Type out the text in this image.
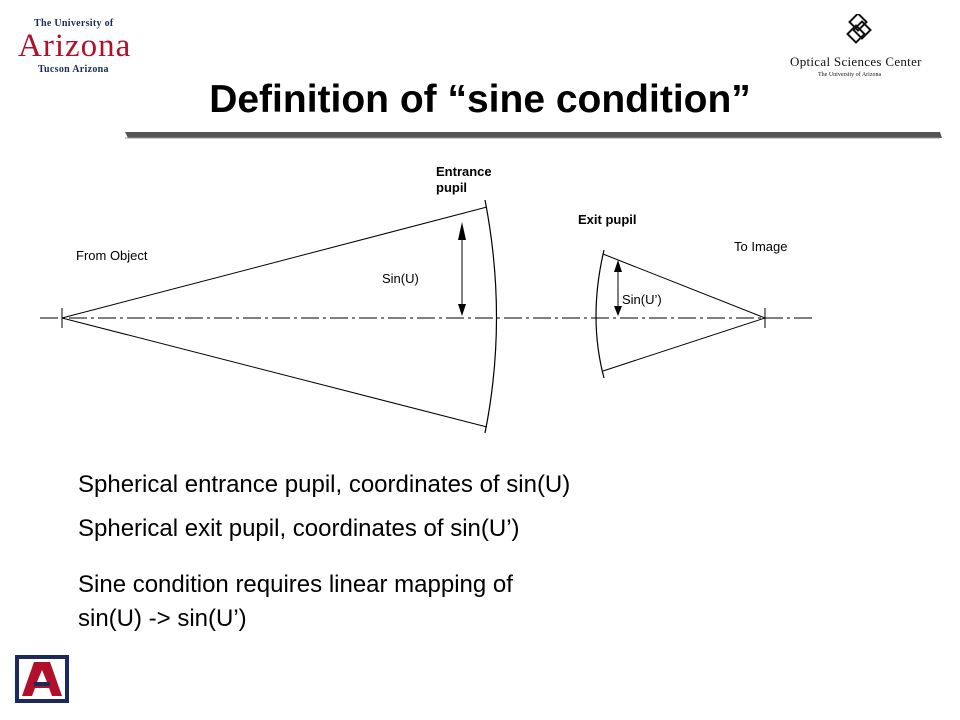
The University of
Arizona
Tucson Arizona
Optical Sciences Center
The University of Arizona
Definition of “sine condition”
Entrance
pupil
Exit pupil
From Object
To Image
Sin(U)
Sin(U’)
Spherical entrance pupil, coordinates of sin(U)
Spherical exit pupil, coordinates of sin(U’)
Sine condition requires linear mapping of
sin(U) -> sin(U’)
